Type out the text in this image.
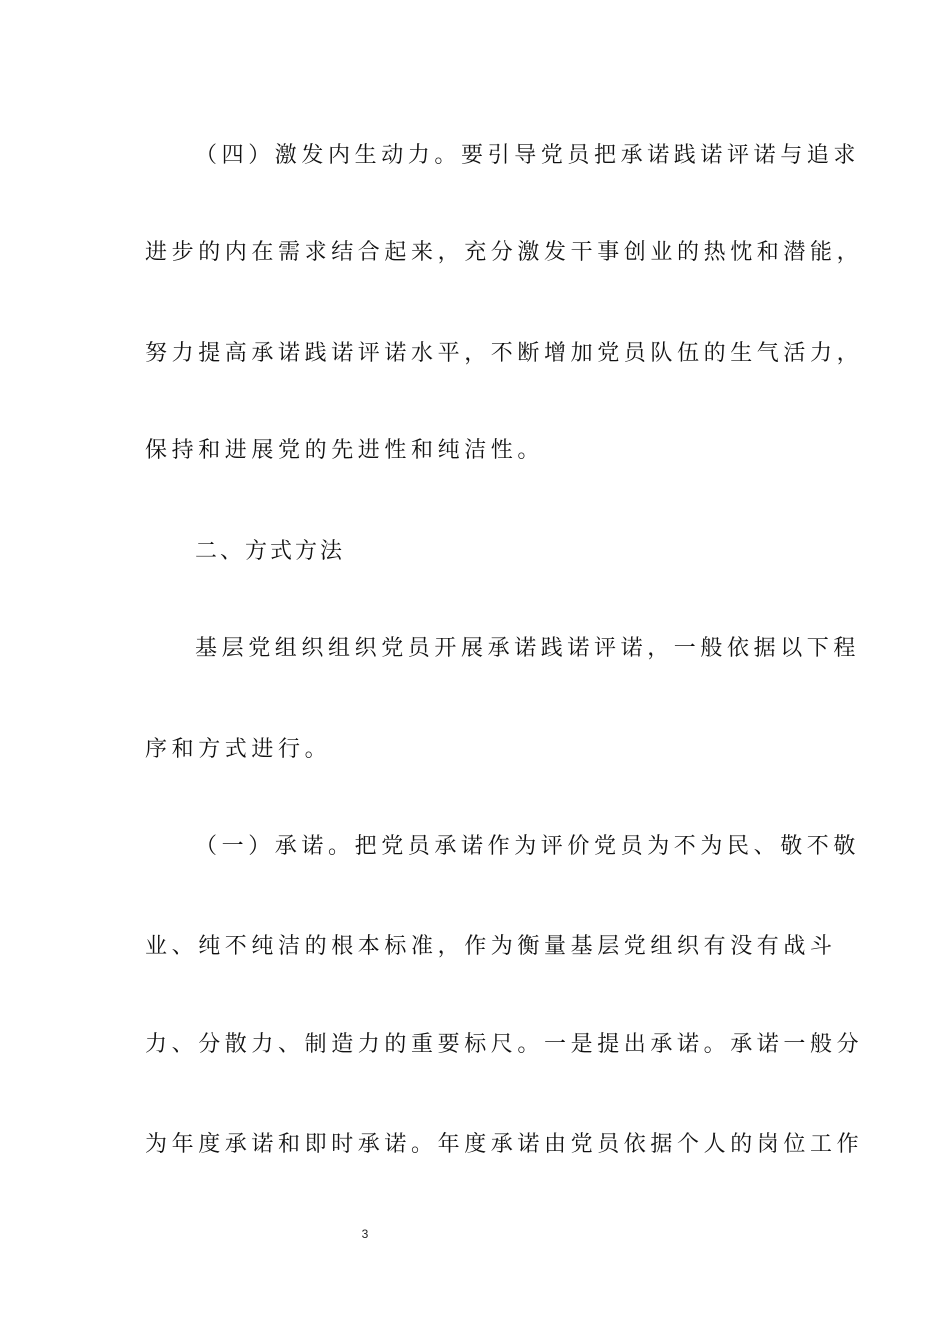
（四）激发内生动力。要引导党员把承诺践诺评诺与追求
进步的内在需求结合起来，充分激发干事创业的热忱和潜能，
努力提高承诺践诺评诺水平，不断增加党员队伍的生气活力，
保持和进展党的先进性和纯洁性。
二、方式方法
基层党组织组织党员开展承诺践诺评诺，一般依据以下程
序和方式进行。
（一）承诺。把党员承诺作为评价党员为不为民、敬不敬
业、纯不纯洁的根本标准，作为衡量基层党组织有没有战斗
力、分散力、制造力的重要标尺。一是提出承诺。承诺一般分
为年度承诺和即时承诺。年度承诺由党员依据个人的岗位工作
3
